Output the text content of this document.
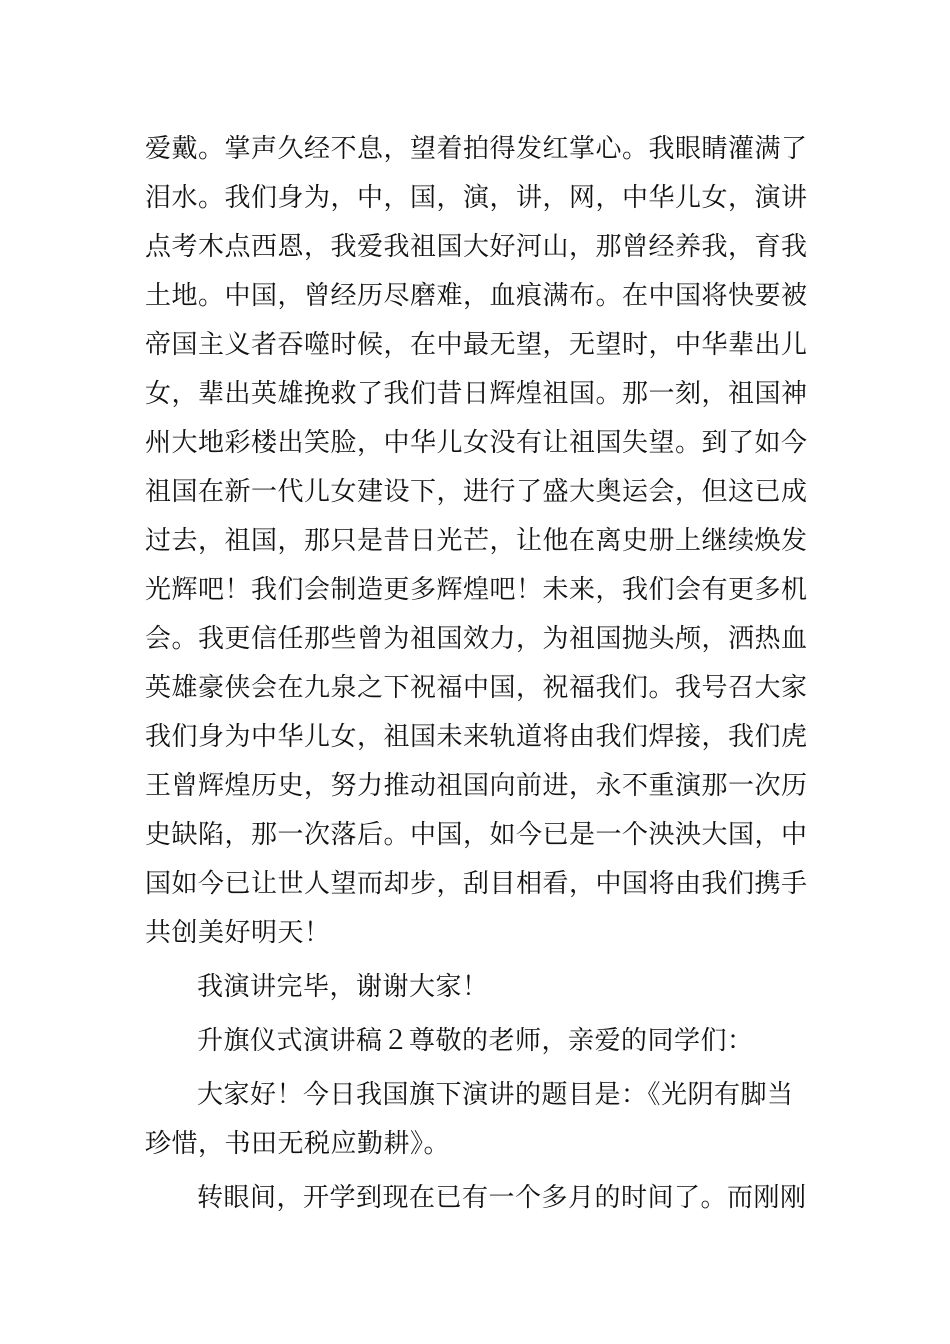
爱戴。掌声久经不息，望着拍得发红掌心。我眼睛灌满了
泪水。我们身为，中，国，演，讲，网，中华儿女，演讲
点考木点西恩，我爱我祖国大好河山，那曾经养我，育我
土地。中国，曾经历尽磨难，血痕满布。在中国将快要被
帝国主义者吞噬时候，在中最无望，无望时，中华辈出儿
女，辈出英雄挽救了我们昔日辉煌祖国。那一刻，祖国神
州大地彩楼出笑脸，中华儿女没有让祖国失望。到了如今
祖国在新一代儿女建设下，进行了盛大奥运会，但这已成
过去，祖国，那只是昔日光芒，让他在离史册上继续焕发
光辉吧！我们会制造更多辉煌吧！未来，我们会有更多机
会。我更信任那些曾为祖国效力，为祖国抛头颅，洒热血
英雄豪侠会在九泉之下祝福中国，祝福我们。我号召大家
我们身为中华儿女，祖国未来轨道将由我们焊接，我们虎
王曾辉煌历史，努力推动祖国向前进，永不重演那一次历
史缺陷，那一次落后。中国，如今已是一个泱泱大国，中
国如今已让世人望而却步，刮目相看，中国将由我们携手
共创美好明天！
我演讲完毕，谢谢大家！
升旗仪式演讲稿２尊敬的老师，亲爱的同学们：
大家好！今日我国旗下演讲的题目是：《光阴有脚当
珍惜，书田无税应勤耕》。
转眼间，开学到现在已有一个多月的时间了。而刚刚
